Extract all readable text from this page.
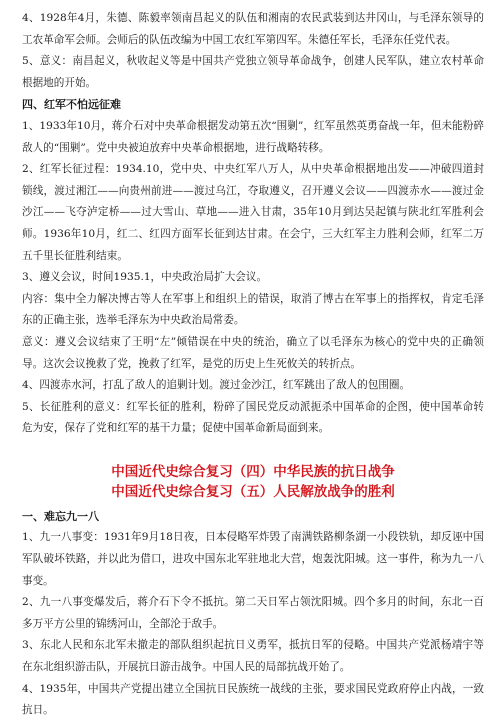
4、1928年4月，朱德、陈毅率领南昌起义的队伍和湘南的农民武装到达井冈山，与毛泽东领导的工农革命军会师。会师后的队伍改编为中国工农红军第四军。朱德任军长，毛泽东任党代表。

5、意义：南昌起义，秋收起义等是中国共产党独立领导革命战争，创建人民军队，建立农村革命根据地的开始。

四、红军不怕远征难

1、1933年10月，蒋介石对中央革命根据发动第五次“围剿”，红军虽然英勇奋战一年，但未能粉碎敌人的“围剿”。党中央被迫放弃中央革命根据地，进行战略转移。

2、红军长征过程：1934.10，党中央、中央红军八万人，从中央革命根据地出发——冲破四道封锁线，渡过湘江——向贵州前进——渡过乌江，夺取遵义，召开遵义会议——四渡赤水——渡过金沙江——飞夺泸定桥——过大雪山、草地——进入甘肃，35年10月到达吴起镇与陕北红军胜利会师。1936年10月，红二、红四方面军长征到达甘肃。在会宁，三大红军主力胜利会师，红军二万五千里长征胜利结束。

3、遵义会议，时间1935.1，中央政治局扩大会议。

内容：集中全力解决博古等人在军事上和组织上的错误，取消了博古在军事上的指挥权，肯定毛泽东的正确主张，选举毛泽东为中央政治局常委。

意义：遵义会议结束了王明“左”倾错误在中央的统治，确立了以毛泽东为核心的党中央的正确领导。这次会议挽救了党，挽救了红军，是党的历史上生死攸关的转折点。

4、四渡赤水河，打乱了敌人的追剿计划。渡过金沙江，红军跳出了敌人的包围圈。

5、长征胜利的意义：红军长征的胜利，粉碎了国民党反动派扼杀中国革命的企图，使中国革命转危为安，保存了党和红军的基干力量；促使中国革命新局面到来。

中国近代史综合复习（四）中华民族的抗日战争

中国近代史综合复习（五）人民解放战争的胜利

一、难忘九一八

1、九一八事变：1931年9月18日夜，日本侵略军炸毁了南满铁路柳条湖一小段铁轨，却反诬中国军队破坏铁路，并以此为借口，进攻中国东北军驻地北大营，炮轰沈阳城。这一事件，称为九一八事变。

2、九一八事变爆发后，蒋介石下令不抵抗。第二天日军占领沈阳城。四个多月的时间，东北一百多万平方公里的锦绣河山，全部沦于敌手。

3、东北人民和东北军未撤走的部队组织起抗日义勇军，抵抗日军的侵略。中国共产党派杨靖宇等在东北组织游击队，开展抗日游击战争。中国人民的局部抗战开始了。

4、1935年，中国共产党提出建立全国抗日民族统一战线的主张，要求国民党政府停止内战，一致抗日。
